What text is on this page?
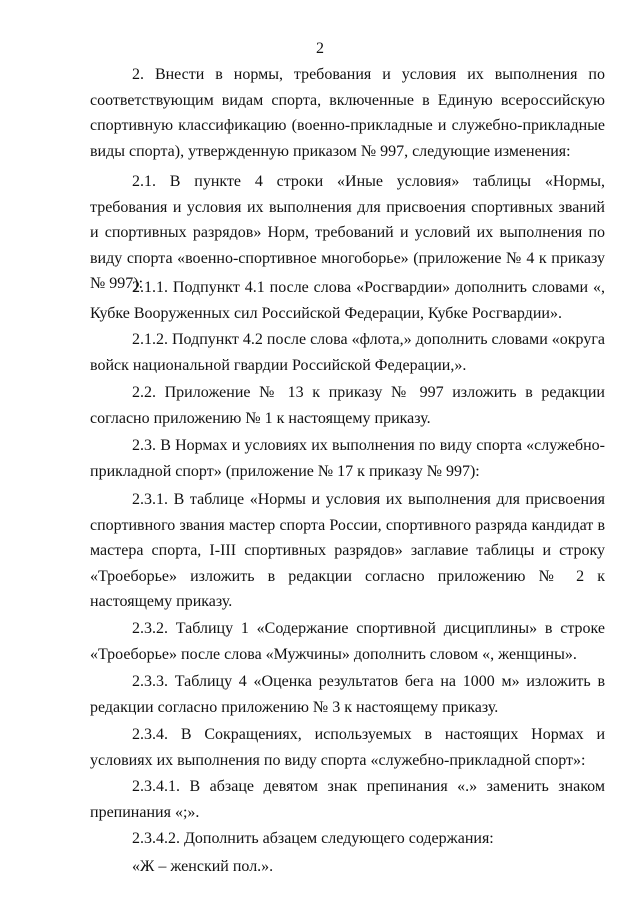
2

2. Внести в нормы, требования и условия их выполнения по соответствующим видам спорта, включенные в Единую всероссийскую спортивную классификацию (военно-прикладные и служебно-прикладные виды спорта), утвержденную приказом № 997, следующие изменения:

2.1. В пункте 4 строки «Иные условия» таблицы «Нормы, требования и условия их выполнения для присвоения спортивных званий и спортивных разрядов» Норм, требований и условий их выполнения по виду спорта «военно-спортивное многоборье» (приложение № 4 к приказу № 997):

2.1.1. Подпункт 4.1 после слова «Росгвардии» дополнить словами «, Кубке Вооруженных сил Российской Федерации, Кубке Росгвардии».

2.1.2. Подпункт 4.2 после слова «флота,» дополнить словами «округа войск национальной гвардии Российской Федерации,».

2.2. Приложение № 13 к приказу № 997 изложить в редакции согласно приложению № 1 к настоящему приказу.

2.3. В Нормах и условиях их выполнения по виду спорта «служебно-прикладной спорт» (приложение № 17 к приказу № 997):

2.3.1. В таблице «Нормы и условия их выполнения для присвоения спортивного звания мастер спорта России, спортивного разряда кандидат в мастера спорта, I-III спортивных разрядов» заглавие таблицы и строку «Троеборье» изложить в редакции согласно приложению № 2 к настоящему приказу.

2.3.2. Таблицу 1 «Содержание спортивной дисциплины» в строке «Троеборье» после слова «Мужчины» дополнить словом «, женщины».

2.3.3. Таблицу 4 «Оценка результатов бега на 1000 м» изложить в редакции согласно приложению № 3 к настоящему приказу.

2.3.4. В Сокращениях, используемых в настоящих Нормах и условиях их выполнения по виду спорта «служебно-прикладной спорт»:

2.3.4.1. В абзаце девятом знак препинания «.» заменить знаком препинания «;».

2.3.4.2. Дополнить абзацем следующего содержания:

«Ж – женский пол.».
